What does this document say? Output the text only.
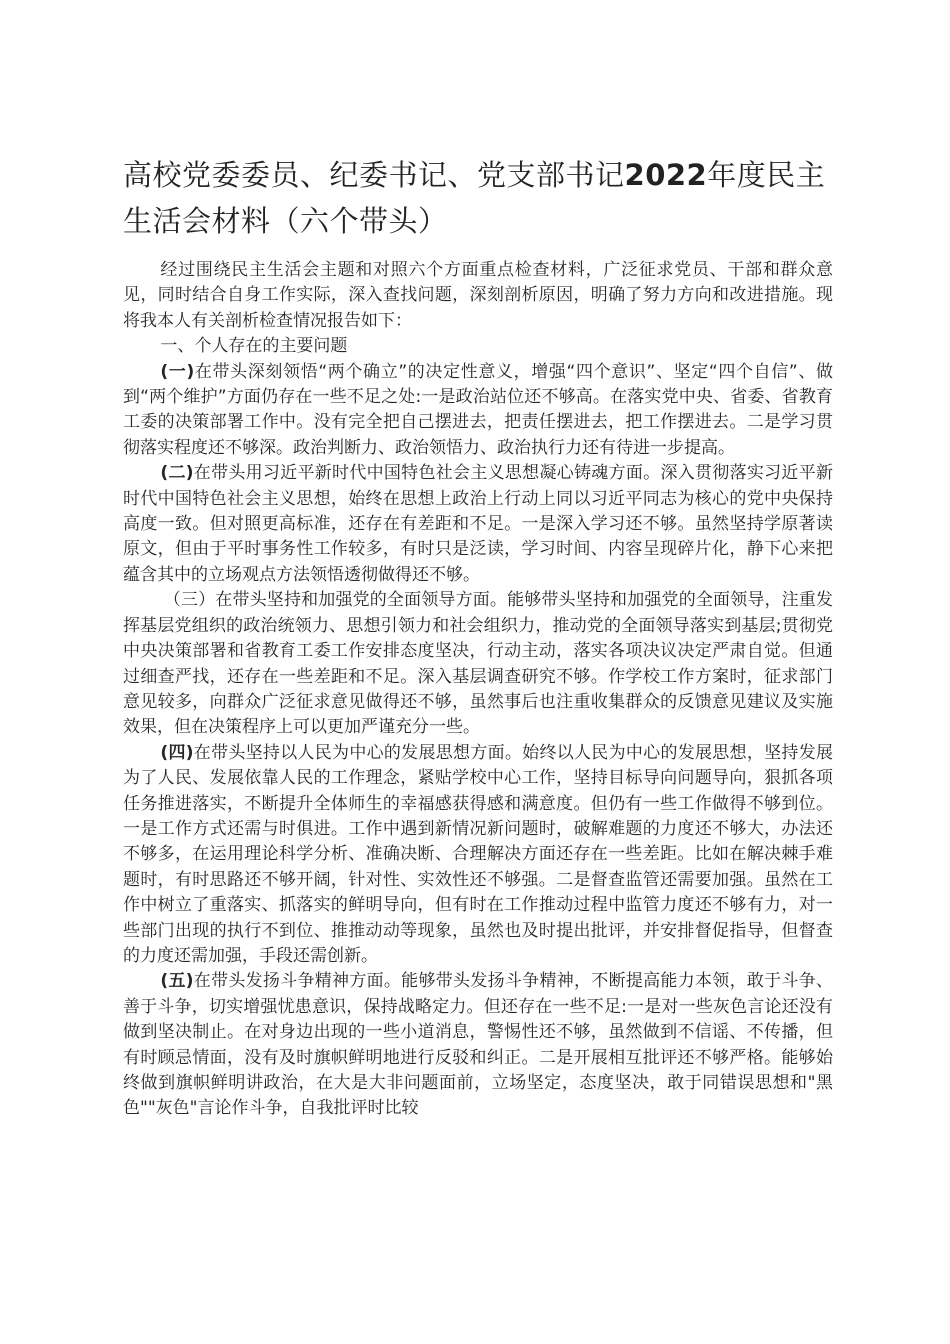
高校党委委员、纪委书记、党支部书记2022年度民主生活会材料（六个带头）

经过围绕民主生活会主题和对照六个方面重点检查材料，广泛征求党员、干部和群众意见，同时结合自身工作实际，深入查找问题，深刻剖析原因，明确了努力方向和改进措施。现将我本人有关剖析检查情况报告如下：

一、个人存在的主要问题

(一)在带头深刻领悟“两个确立”的决定性意义，增强“四个意识”、坚定“四个自信”、做到“两个维护”方面仍存在一些不足之处:一是政治站位还不够高。在落实党中央、省委、省教育工委的决策部署工作中。没有完全把自己摆进去，把责任摆进去，把工作摆进去。二是学习贯彻落实程度还不够深。政治判断力、政治领悟力、政治执行力还有待进一步提高。

(二)在带头用习近平新时代中国特色社会主义思想凝心铸魂方面。深入贯彻落实习近平新时代中国特色社会主义思想，始终在思想上政治上行动上同以习近平同志为核心的党中央保持高度一致。但对照更高标准，还存在有差距和不足。一是深入学习还不够。虽然坚持学原著读原文，但由于平时事务性工作较多，有时只是泛读，学习时间、内容呈现碎片化，静下心来把蕴含其中的立场观点方法领悟透彻做得还不够。

（三）在带头坚持和加强党的全面领导方面。能够带头坚持和加强党的全面领导，注重发挥基层党组织的政治统领力、思想引领力和社会组织力，推动党的全面领导落实到基层;贯彻党中央决策部署和省教育工委工作安排态度坚决，行动主动，落实各项决议决定严肃自觉。但通过细查严找，还存在一些差距和不足。深入基层调查研究不够。作学校工作方案时，征求部门意见较多，向群众广泛征求意见做得还不够，虽然事后也注重收集群众的反馈意见建议及实施效果，但在决策程序上可以更加严谨充分一些。

(四)在带头坚持以人民为中心的发展思想方面。始终以人民为中心的发展思想，坚持发展为了人民、发展依靠人民的工作理念，紧贴学校中心工作，坚持目标导向问题导向，狠抓各项任务推进落实，不断提升全体师生的幸福感获得感和满意度。但仍有一些工作做得不够到位。一是工作方式还需与时俱进。工作中遇到新情况新问题时，破解难题的力度还不够大，办法还不够多，在运用理论科学分析、准确决断、合理解决方面还存在一些差距。比如在解决棘手难题时，有时思路还不够开阔，针对性、实效性还不够强。二是督查监管还需要加强。虽然在工作中树立了重落实、抓落实的鲜明导向，但有时在工作推动过程中监管力度还不够有力，对一些部门出现的执行不到位、推推动动等现象，虽然也及时提出批评，并安排督促指导，但督查的力度还需加强，手段还需创新。

(五)在带头发扬斗争精神方面。能够带头发扬斗争精神，不断提高能力本领，敢于斗争、善于斗争，切实增强忧患意识，保持战略定力。但还存在一些不足:一是对一些灰色言论还没有做到坚决制止。在对身边出现的一些小道消息，警惕性还不够，虽然做到不信谣、不传播，但有时顾忌情面，没有及时旗帜鲜明地进行反驳和纠正。二是开展相互批评还不够严格。能够始终做到旗帜鲜明讲政治，在大是大非问题面前，立场坚定，态度坚决，敢于同错误思想和"黑色""灰色"言论作斗争，自我批评时比较
